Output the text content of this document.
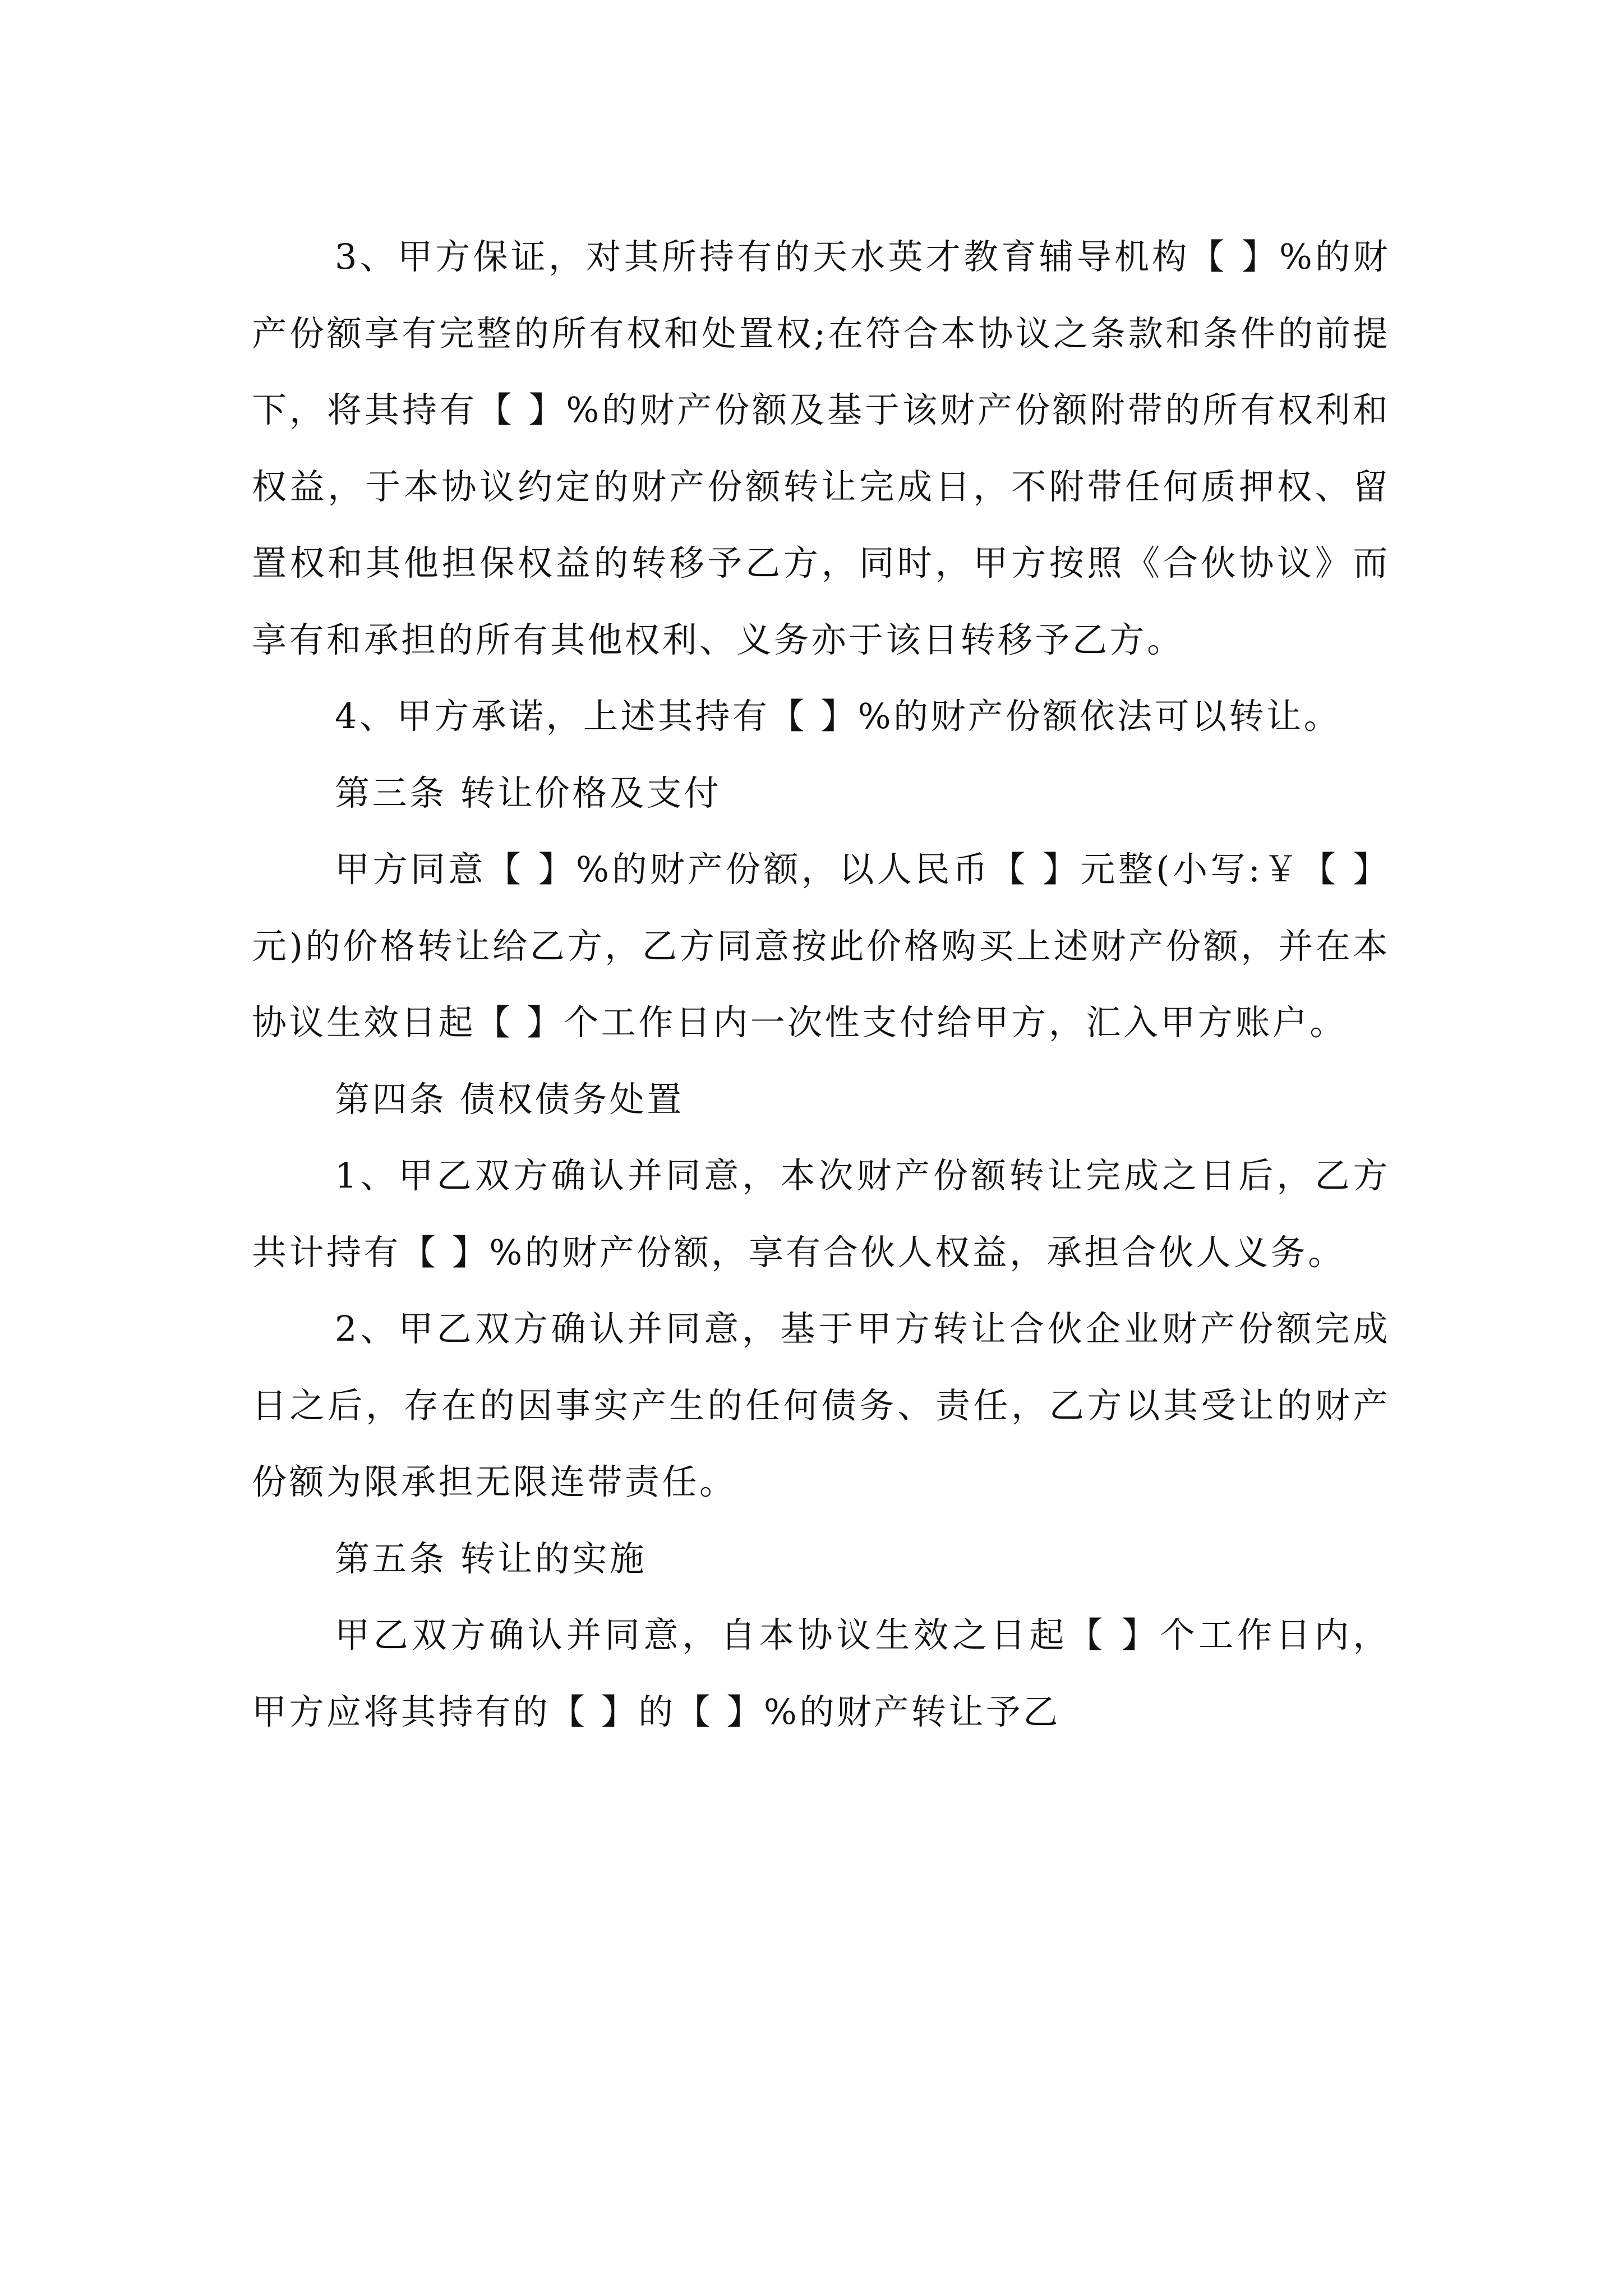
3、甲方保证，对其所持有的天水英才教育辅导机构【 】%的财产份额享有完整的所有权和处置权;在符合本协议之条款和条件的前提下，将其持有【 】%的财产份额及基于该财产份额附带的所有权利和权益，于本协议约定的财产份额转让完成日，不附带任何质押权、留置权和其他担保权益的转移予乙方，同时，甲方按照《合伙协议》而享有和承担的所有其他权利、义务亦于该日转移予乙方。

4、甲方承诺，上述其持有【 】%的财产份额依法可以转让。

第三条 转让价格及支付

甲方同意【 】%的财产份额，以人民币【 】元整(小写:￥【 】元)的价格转让给乙方，乙方同意按此价格购买上述财产份额，并在本协议生效日起【 】个工作日内一次性支付给甲方，汇入甲方账户。

第四条 债权债务处置

1、甲乙双方确认并同意，本次财产份额转让完成之日后，乙方共计持有【 】%的财产份额，享有合伙人权益，承担合伙人义务。

2、甲乙双方确认并同意，基于甲方转让合伙企业财产份额完成日之后，存在的因事实产生的任何债务、责任，乙方以其受让的财产份额为限承担无限连带责任。

第五条 转让的实施

甲乙双方确认并同意，自本协议生效之日起【 】个工作日内，甲方应将其持有的【 】的【 】%的财产转让予乙
